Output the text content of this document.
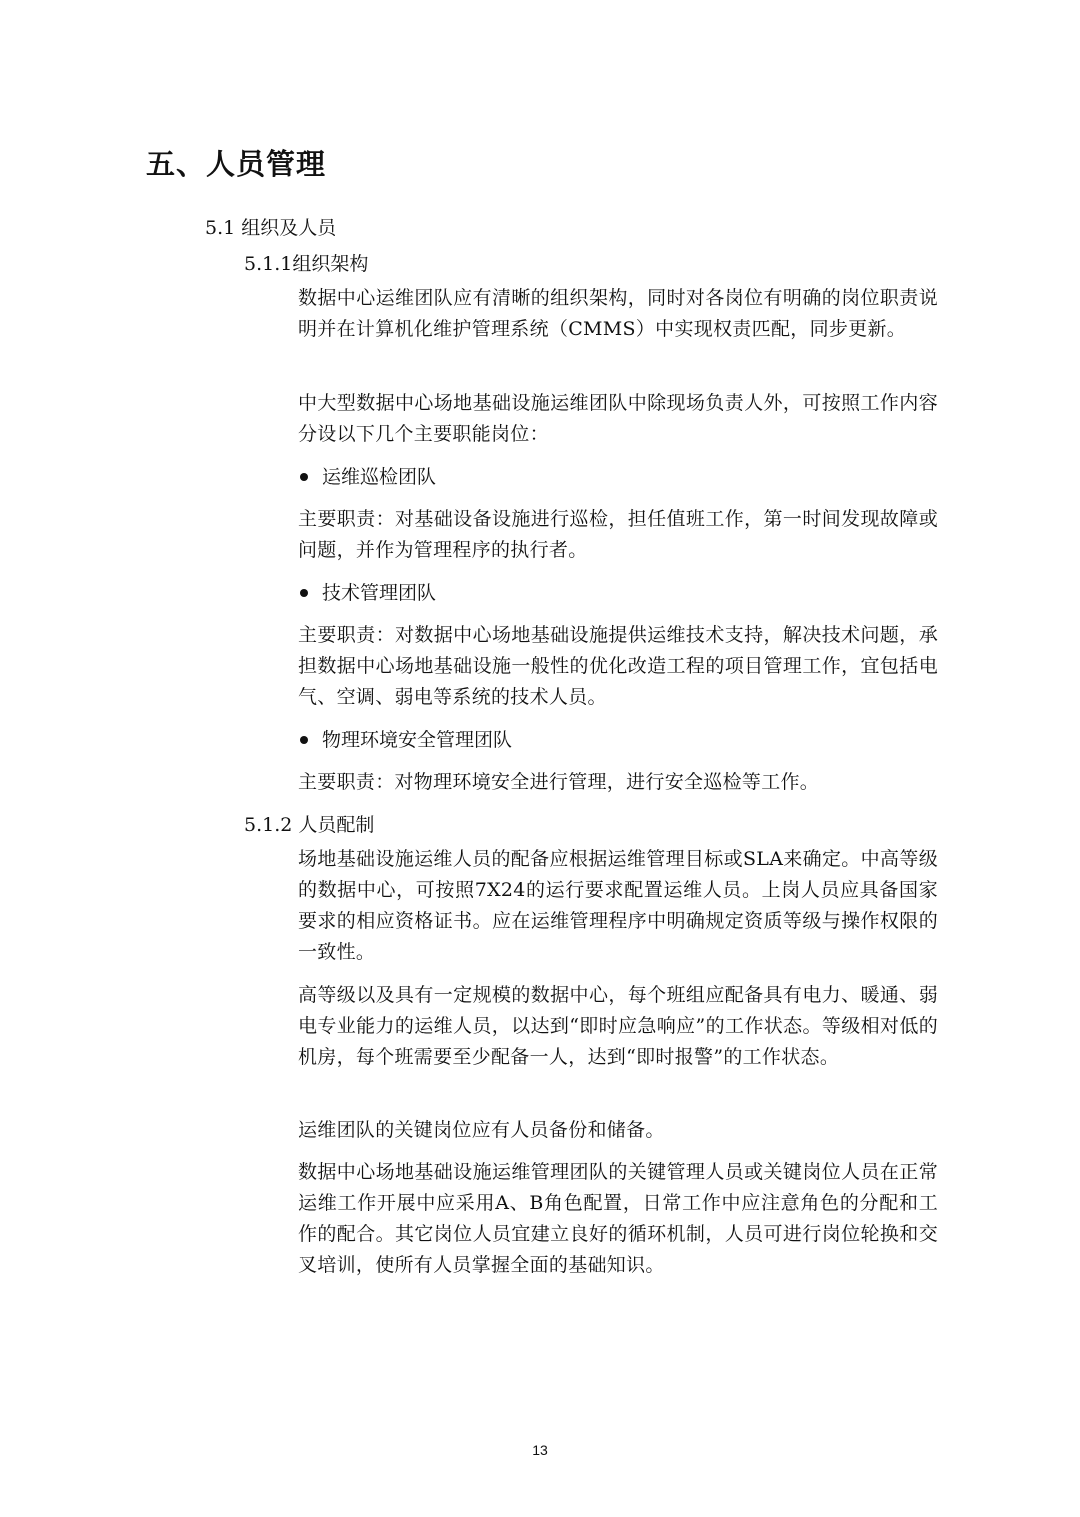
五、人员管理

5.1 组织及人员

5.1.1组织架构

数据中心运维团队应有清晰的组织架构，同时对各岗位有明确的岗位职责说明并在计算机化维护管理系统（CMMS）中实现权责匹配，同步更新。

中大型数据中心场地基础设施运维团队中除现场负责人外，可按照工作内容分设以下几个主要职能岗位：

运维巡检团队

主要职责：对基础设备设施进行巡检，担任值班工作，第一时间发现故障或问题，并作为管理程序的执行者。

技术管理团队

主要职责：对数据中心场地基础设施提供运维技术支持，解决技术问题，承担数据中心场地基础设施一般性的优化改造工程的项目管理工作，宜包括电气、空调、弱电等系统的技术人员。

物理环境安全管理团队

主要职责：对物理环境安全进行管理，进行安全巡检等工作。

5.1.2 人员配制

场地基础设施运维人员的配备应根据运维管理目标或SLA来确定。中高等级的数据中心，可按照7X24的运行要求配置运维人员。上岗人员应具备国家要求的相应资格证书。应在运维管理程序中明确规定资质等级与操作权限的一致性。

高等级以及具有一定规模的数据中心，每个班组应配备具有电力、暖通、弱电专业能力的运维人员，以达到“即时应急响应”的工作状态。等级相对低的机房，每个班需要至少配备一人，达到“即时报警”的工作状态。

运维团队的关键岗位应有人员备份和储备。

数据中心场地基础设施运维管理团队的关键管理人员或关键岗位人员在正常运维工作开展中应采用A、B角色配置，日常工作中应注意角色的分配和工作的配合。其它岗位人员宜建立良好的循环机制，人员可进行岗位轮换和交叉培训，使所有人员掌握全面的基础知识。

13
